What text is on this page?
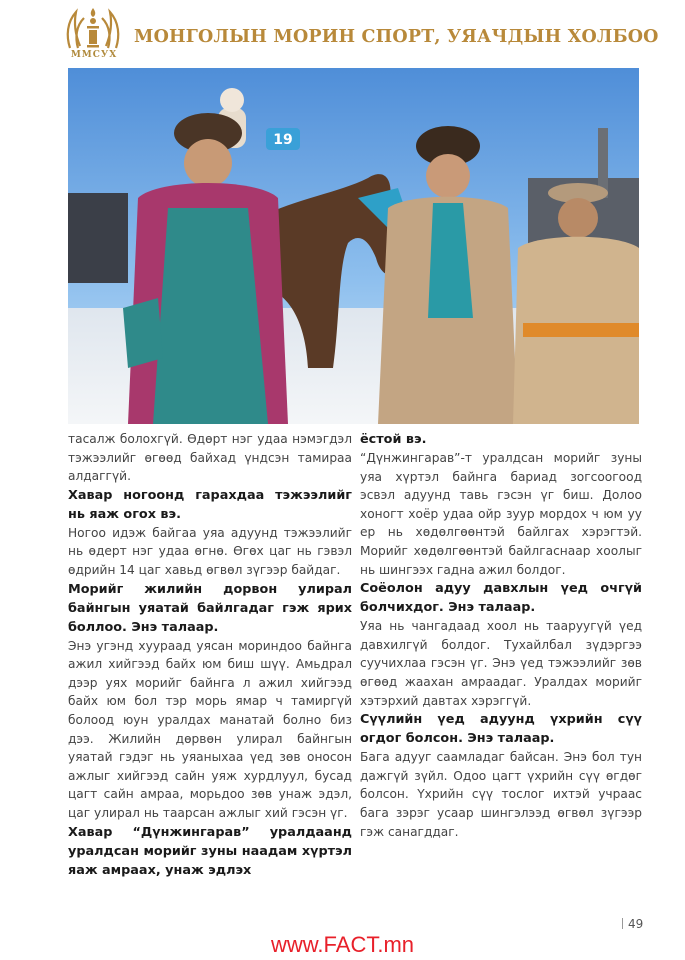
ММСУХ
МОНГОЛЫН МОРИН СПОРТ, УЯАЧДЫН ХОЛБОО
19

тасалж болохгүй. Өдөрт нэг удаа нэмэгдэл тэжээлийг өгөөд байхад үндсэн тамираа алдаггүй.

Хавар ногоонд гарахдаа тэжээлийг нь яаж огох вэ.

Ногоо идэж байгаа уяа адуунд тэжээлийг нь өдерт нэг удаа өгнө. Өгөх цаг нь гэвэл өдрийн 14 цаг хавьд өгвөл зүгээр байдаг.

Морийг жилийн дорвон улирал байнгын уяатай байлгадаг гэж ярих боллоо. Энэ талаар.

Энэ угэнд хуурaaд уясан мориндоо байнга ажил хийгээд байх юм биш шүү. Амьдрал дээр уях морийг байнга л ажил хийгээд байх юм бол тэр морь ямар ч тамиргүй болоод юун уралдах манатай болно биз дээ. Жилийн дөрвөн улирал байнгын уяатай гэдэг нь уяаныхаа үед зөв оносон ажлыг хийгээд сайн уяж хурдлуул, бусад цагт сайн амраа, морьдоо зөв унаж эдэл, цаг улирал нь таарсан ажлыг хий гэсэн үг.

Хавар “Дүнжингарав” уралдаанд уралдсан морийг зуны наадам хүртэл яаж амраах, унаж эдлэх
ёстой вэ.

“Дүнжингарав”-т уралдсан морийг зуны уяа хүртэл байнга бариад зогсоогоод эсвэл адуунд тавь гэсэн үг биш. Долоо хоногт хоёр удаа ойр зуур мордох ч юм уу ер нь хөдөлгөөнтэй байлгах хэрэгтэй. Морийг хөдөлгөөнтэй байлгаснаар хоолыг нь шингээх гадна ажил болдог.

Соёолон адуу давхлын үед очгүй болчихдог. Энэ талаар.

Уяа нь чангадаад хоол нь тааруугүй үед давхилгүй болдог. Тухайлбал зүдэргээ суучихлаа гэсэн үг. Энэ үед тэжээлийг зөв өгөөд жаахан амраадаг. Уралдах морийг хэтэрхий давтах хэрэггүй.

Сүүлийн үед адуунд үхрийн сүү огдог болсон. Энэ талаар.

Бага адууг саамладаг байсан. Энэ бол тун дажгүй зүйл. Одоо цагт үхрийн сүү өгдөг болсон. Үхрийн сүү тослог ихтэй учраас бага зэрэг усаар шингэлээд өгвөл зүгээр гэж санагддаг.

49
www.FACT.mn
